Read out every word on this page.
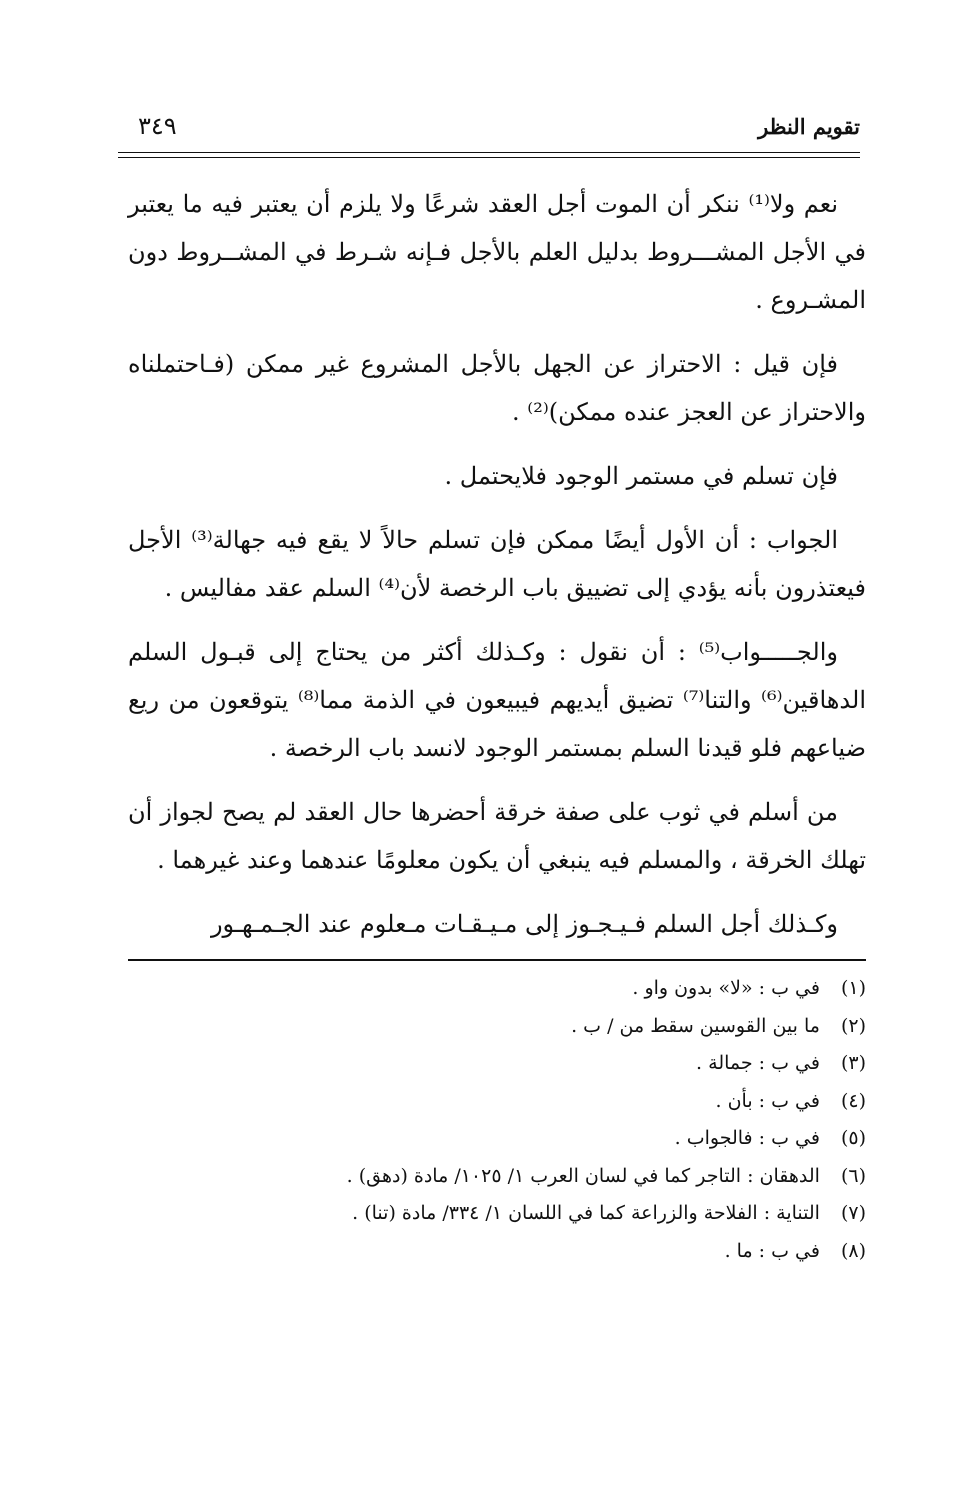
تقويم النظر
٣٤٩

نعم ولا⁽¹⁾ ننكر أن الموت أجل العقد شرعًا ولا يلزم أن يعتبر فيه ما يعتبر في الأجل المشـــروط بدليل العلم بالأجل فـإنه شـرط في المشــروط دون المشـروع .

فإن قيل : الاحتراز عن الجهل بالأجل المشروع غير ممكن (فـاحتملناه والاحتراز عن العجز عنده ممكن)⁽²⁾ .

فإن تسلم في مستمر الوجود فلايحتمل .

الجواب : أن الأول أيضًا ممكن فإن تسلم حالاً لا يقع فيه جهالة⁽³⁾ الأجل فيعتذرون بأنه يؤدي إلى تضييق باب الرخصة لأن⁽⁴⁾ السلم عقد مفاليس .

والجـــــواب⁽⁵⁾ : أن نقول : وكـذلك أكثر من يحتاج إلى قبـول السلم الدهاقين⁽⁶⁾ والتنا⁽⁷⁾ تضيق أيديهم فيبيعون في الذمة مما⁽⁸⁾ يتوقعون من ريع ضياعهم فلو قيدنا السلم بمستمر الوجود لانسد باب الرخصة .

من أسلم في ثوب على صفة خرقة أحضرها حال العقد لم يصح لجواز أن تهلك الخرقة ، والمسلم فيه ينبغي أن يكون معلومًا عندهما وعند غيرهما .

وكـذلك أجل السلم فـيـجـوز إلى مـيـقـات مـعلوم عند الجـمـهـور

(١) في ب : «لا» بدون واو .
(٢) ما بين القوسين سقط من / ب .
(٣) في ب : جمالة .
(٤) في ب : بأن .
(٥) في ب : فالجواب .
(٦) الدهقان : التاجر كما في لسان العرب ١/ ١٠٢٥/ مادة (دهق) .
(٧) التناية : الفلاحة والزراعة كما في اللسان ١/ ٣٣٤/ مادة (تنا) .
(٨) في ب : ما .
